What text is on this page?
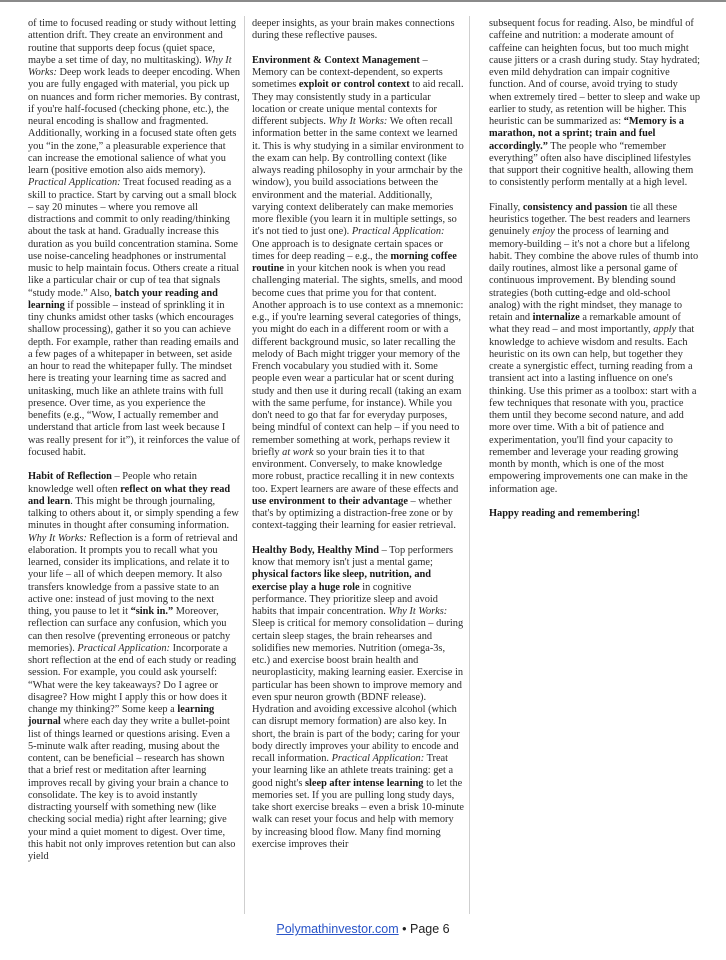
of time to focused reading or study without letting attention drift. They create an environment and routine that supports deep focus (quiet space, maybe a set time of day, no multitasking). Why It Works: Deep work leads to deeper encoding. When you are fully engaged with material, you pick up on nuances and form richer memories. By contrast, if you're half-focused (checking phone, etc.), the neural encoding is shallow and fragmented. Additionally, working in a focused state often gets you “in the zone,” a pleasurable experience that can increase the emotional salience of what you learn (positive emotion also aids memory). Practical Application: Treat focused reading as a skill to practice. Start by carving out a small block – say 20 minutes – where you remove all distractions and commit to only reading/thinking about the task at hand. Gradually increase this duration as you build concentration stamina. Some use noise-canceling headphones or instrumental music to help maintain focus. Others create a ritual like a particular chair or cup of tea that signals “study mode.” Also, batch your reading and learning if possible – instead of sprinkling it in tiny chunks amidst other tasks (which encourages shallow processing), gather it so you can achieve depth. For example, rather than reading emails and a few pages of a whitepaper in between, set aside an hour to read the whitepaper fully. The mindset here is treating your learning time as sacred and unitasking, much like an athlete trains with full presence. Over time, as you experience the benefits (e.g., “Wow, I actually remember and understand that article from last week because I was really present for it”), it reinforces the value of focused habit.

Habit of Reflection – People who retain knowledge well often reflect on what they read and learn. This might be through journaling, talking to others about it, or simply spending a few minutes in thought after consuming information. Why It Works: Reflection is a form of retrieval and elaboration. It prompts you to recall what you learned, consider its implications, and relate it to your life – all of which deepen memory. It also transfers knowledge from a passive state to an active one: instead of just moving to the next thing, you pause to let it “sink in.” Moreover, reflection can surface any confusion, which you can then resolve (preventing erroneous or patchy memories). Practical Application: Incorporate a short reflection at the end of each study or reading session. For example, you could ask yourself: “What were the key takeaways? Do I agree or disagree? How might I apply this or how does it change my thinking?” Some keep a learning journal where each day they write a bullet-point list of things learned or questions arising. Even a 5-minute walk after reading, musing about the content, can be beneficial – research has shown that a brief rest or meditation after learning improves recall by giving your brain a chance to consolidate. The key is to avoid instantly distracting yourself with something new (like checking social media) right after learning; give your mind a quiet moment to digest. Over time, this habit not only improves retention but can also yield

deeper insights, as your brain makes connections during these reflective pauses.

Environment & Context Management – Memory can be context-dependent, so experts sometimes exploit or control context to aid recall. They may consistently study in a particular location or create unique mental contexts for different subjects. Why It Works: We often recall information better in the same context we learned it. This is why studying in a similar environment to the exam can help. By controlling context (like always reading philosophy in your armchair by the window), you build associations between the environment and the material. Additionally, varying context deliberately can make memories more flexible (you learn it in multiple settings, so it's not tied to just one). Practical Application: One approach is to designate certain spaces or times for deep reading – e.g., the morning coffee routine in your kitchen nook is when you read challenging material. The sights, smells, and mood become cues that prime you for that content. Another approach is to use context as a mnemonic: e.g., if you're learning several categories of things, you might do each in a different room or with a different background music, so later recalling the melody of Bach might trigger your memory of the French vocabulary you studied with it. Some people even wear a particular hat or scent during study and then use it during recall (taking an exam with the same perfume, for instance). While you don't need to go that far for everyday purposes, being mindful of context can help – if you need to remember something at work, perhaps review it briefly at work so your brain ties it to that environment. Conversely, to make knowledge more robust, practice recalling it in new contexts too. Expert learners are aware of these effects and use environment to their advantage – whether that's by optimizing a distraction-free zone or by context-tagging their learning for easier retrieval.

Healthy Body, Healthy Mind – Top performers know that memory isn't just a mental game; physical factors like sleep, nutrition, and exercise play a huge role in cognitive performance. They prioritize sleep and avoid habits that impair concentration. Why It Works: Sleep is critical for memory consolidation – during certain sleep stages, the brain rehearses and solidifies new memories. Nutrition (omega-3s, etc.) and exercise boost brain health and neuroplasticity, making learning easier. Exercise in particular has been shown to improve memory and even spur neuron growth (BDNF release). Hydration and avoiding excessive alcohol (which can disrupt memory formation) are also key. In short, the brain is part of the body; caring for your body directly improves your ability to encode and recall information. Practical Application: Treat your learning like an athlete treats training: get a good night's sleep after intense learning to let the memories set. If you are pulling long study days, take short exercise breaks – even a brisk 10-minute walk can reset your focus and help with memory by increasing blood flow. Many find morning exercise improves their

subsequent focus for reading. Also, be mindful of caffeine and nutrition: a moderate amount of caffeine can heighten focus, but too much might cause jitters or a crash during study. Stay hydrated; even mild dehydration can impair cognitive function. And of course, avoid trying to study when extremely tired – better to sleep and wake up earlier to study, as retention will be higher. This heuristic can be summarized as: “Memory is a marathon, not a sprint; train and fuel accordingly.” The people who “remember everything” often also have disciplined lifestyles that support their cognitive health, allowing them to consistently perform mentally at a high level.

Finally, consistency and passion tie all these heuristics together. The best readers and learners genuinely enjoy the process of learning and memory-building – it's not a chore but a lifelong habit. They combine the above rules of thumb into daily routines, almost like a personal game of continuous improvement. By blending sound strategies (both cutting-edge and old-school analog) with the right mindset, they manage to retain and internalize a remarkable amount of what they read – and most importantly, apply that knowledge to achieve wisdom and results. Each heuristic on its own can help, but together they create a synergistic effect, turning reading from a transient act into a lasting influence on one's thinking. Use this primer as a toolbox: start with a few techniques that resonate with you, practice them until they become second nature, and add more over time. With a bit of patience and experimentation, you'll find your capacity to remember and leverage your reading growing month by month, which is one of the most empowering improvements one can make in the information age.

Happy reading and remembering!

Polymathinvestor.com • Page 6
